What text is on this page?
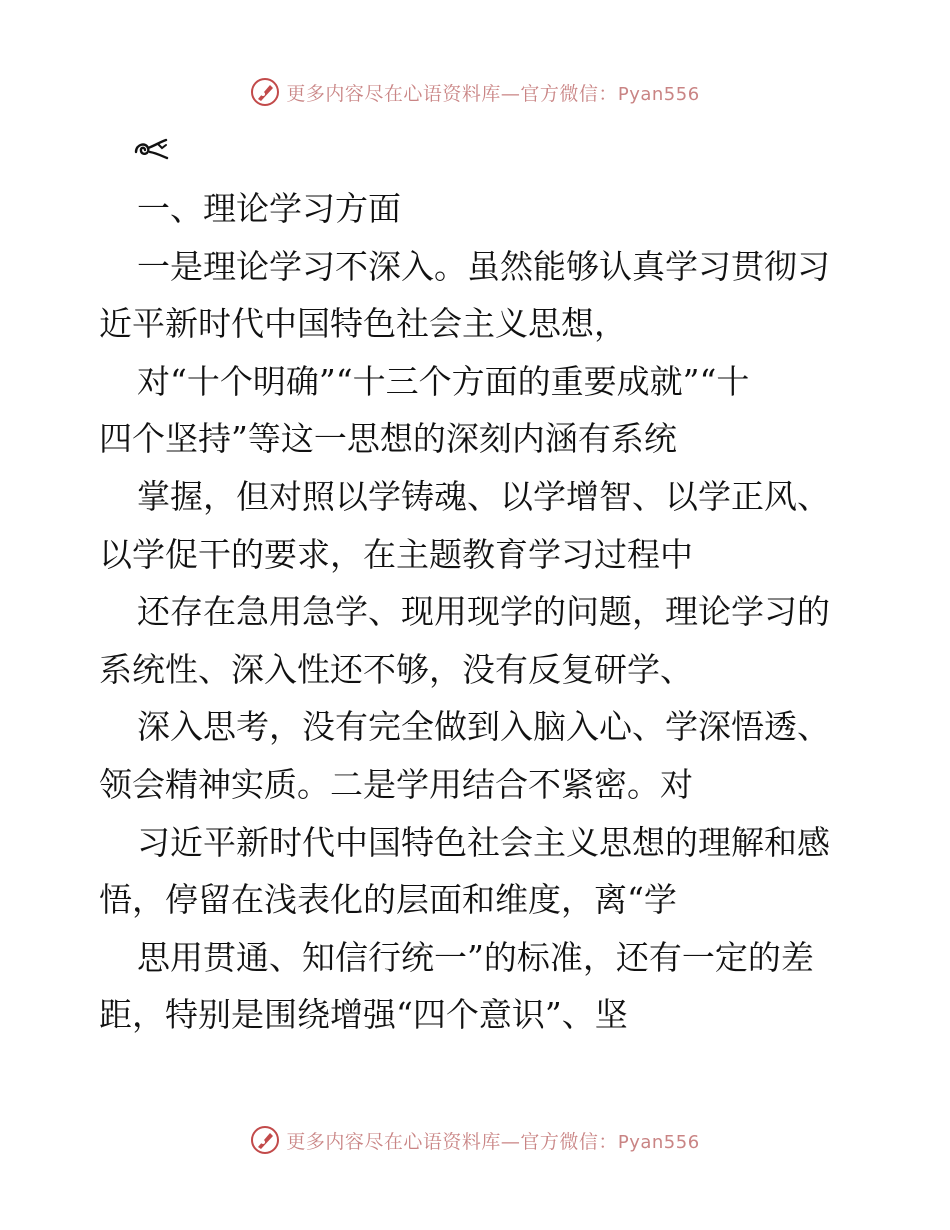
更多内容尽在心语资料库—官方微信：Pyan556
一、理论学习方面
一是理论学习不深入。虽然能够认真学习贯彻习
近平新时代中国特色社会主义思想，
对“十个明确”“十三个方面的重要成就”“十
四个坚持”等这一思想的深刻内涵有系统
掌握，但对照以学铸魂、以学增智、以学正风、
以学促干的要求，在主题教育学习过程中
还存在急用急学、现用现学的问题，理论学习的
系统性、深入性还不够，没有反复研学、
深入思考，没有完全做到入脑入心、学深悟透、
领会精神实质。二是学用结合不紧密。对
习近平新时代中国特色社会主义思想的理解和感
悟，停留在浅表化的层面和维度，离“学
思用贯通、知信行统一”的标准，还有一定的差
距，特别是围绕增强“四个意识”、坚
更多内容尽在心语资料库—官方微信：Pyan556
